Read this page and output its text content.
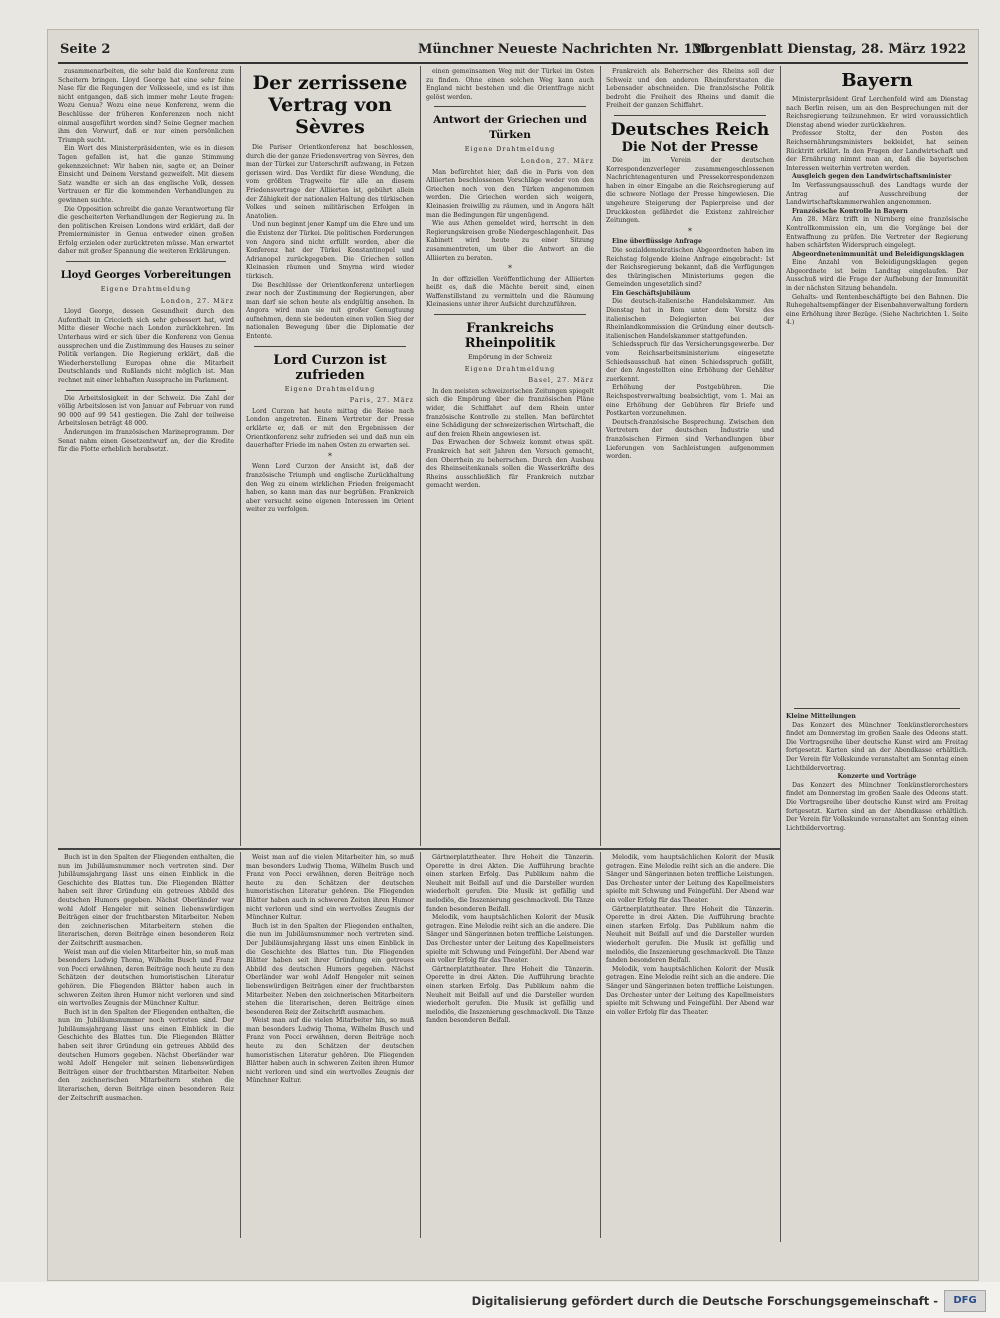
Seite 2	Münchner Neueste Nachrichten Nr. 131
Morgenblatt Dienstag, 28. März 1922

zusammenarbeiten, die sehr bald die Konferenz zum Scheitern bringen. Lloyd George hat eine sehr feine Nase für die Regungen der Volksseele, und es ist ihm nicht entgangen, daß sich immer mehr Leute fragen: Wozu Genua? Wozu eine neue Konferenz, wenn die Beschlüsse der früheren Konferenzen noch nicht einmal ausgeführt worden sind? Seine Gegner machen ihm den Vorwurf, daß er nur einen persönlichen Triumph sucht.

Ein Wort des Ministerpräsidenten, wie es in diesen Tagen gefallen ist, hat die ganze Stimmung gekennzeichnet: Wir haben nie, sagte er, an Deiner Einsicht und Deinem Verstand gezweifelt. Mit diesem Satz wandte er sich an das englische Volk, dessen Vertrauen er für die kommenden Verhandlungen zu gewinnen suchte.

Die Opposition schreibt die ganze Verantwortung für die gescheiterten Verhandlungen der Regierung zu. In den politischen Kreisen Londons wird erklärt, daß der Premierminister in Genua entweder einen großen Erfolg erzielen oder zurücktreten müsse. Man erwartet daher mit großer Spannung die weiteren Erklärungen.

Lloyd Georges Vorbereitungen
Eigene Drahtmeldung
London, 27. März

Lloyd George, dessen Gesundheit durch den Aufenthalt in Criccieth sich sehr gebessert hat, wird Mitte dieser Woche nach London zurückkehren. Im Unterhaus wird er sich über die Konferenz von Genua aussprechen und die Zustimmung des Hauses zu seiner Politik verlangen. Die Regierung erklärt, daß die Wiederherstellung Europas ohne die Mitarbeit Deutschlands und Rußlands nicht möglich ist. Man rechnet mit einer lebhaften Aussprache im Parlament.

Die Arbeitslosigkeit in der Schweiz. Die Zahl der völlig Arbeitslosen ist von Januar auf Februar von rund 90 000 auf 99 541 gestiegen. Die Zahl der teilweise Arbeitslosen beträgt 48 000.

Änderungen im französischen Marineprogramm. Der Senat nahm einen Gesetzentwurf an, der die Kredite für die Flotte erheblich herabsetzt.

Der zerrissene Vertrag von Sèvres

Die Pariser Orientkonferenz hat beschlossen, durch die der ganze Friedensvertrag von Sèvres, den man der Türkei zur Unterschrift aufzwang, in Fetzen gerissen wird. Das Verdikt für diese Wendung, die vom größten Tragweite für alle an diesem Friedensvertrage der Alliierten ist, gebührt allein der Zähigkeit der nationalen Haltung des türkischen Volkes und seinen militärischen Erfolgen in Anatolien.

Und nun beginnt jener Kampf um die Ehre und um die Existenz der Türkei. Die politischen Forderungen von Angora sind nicht erfüllt worden, aber die Konferenz hat der Türkei Konstantinopel und Adrianopel zurückgegeben. Die Griechen sollen Kleinasien räumen und Smyrna wird wieder türkisch.

Die Beschlüsse der Orientkonferenz unterliegen zwar noch der Zustimmung der Regierungen, aber man darf sie schon heute als endgültig ansehen. In Angora wird man sie mit großer Genugtuung aufnehmen, denn sie bedeuten einen vollen Sieg der nationalen Bewegung über die Diplomatie der Entente.

Lord Curzon ist zufrieden
Eigene Drahtmeldung
Paris, 27. März

Lord Curzon hat heute mittag die Reise nach London angetreten. Einem Vertreter der Presse erklärte er, daß er mit den Ergebnissen der Orientkonferenz sehr zufrieden sei und daß nun ein dauerhafter Friede im nahen Osten zu erwarten sei.

*

Wenn Lord Curzon der Ansicht ist, daß der französische Triumph und englische Zurückhaltung den Weg zu einem wirklichen Frieden freigemacht haben, so kann man das nur begrüßen. Frankreich aber versucht seine eigenen Interessen im Orient weiter zu verfolgen.

einen gemeinsamen Weg mit der Türkei im Osten zu finden. Ohne einen solchen Weg kann auch England nicht bestehen und die Orientfrage nicht gelöst werden.

Antwort der Griechen und Türken
Eigene Drahtmeldung
London, 27. März

Man befürchtet hier, daß die in Paris von den Alliierten beschlossenen Vorschläge weder von den Griechen noch von den Türken angenommen werden. Die Griechen werden sich weigern, Kleinasien freiwillig zu räumen, und in Angora hält man die Bedingungen für ungenügend.

Wie aus Athen gemeldet wird, herrscht in den Regierungskreisen große Niedergeschlagenheit. Das Kabinett wird heute zu einer Sitzung zusammentreten, um über die Antwort an die Alliierten zu beraten.

*

In der offiziellen Veröffentlichung der Alliierten heißt es, daß die Mächte bereit sind, einen Waffenstillstand zu vermitteln und die Räumung Kleinasiens unter ihrer Aufsicht durchzuführen.

Frankreichs Rheinpolitik
Empörung in der Schweiz
Eigene Drahtmeldung
Basel, 27. März

In den meisten schweizerischen Zeitungen spiegelt sich die Empörung über die französischen Pläne wider, die Schiffahrt auf dem Rhein unter französische Kontrolle zu stellen. Man befürchtet eine Schädigung der schweizerischen Wirtschaft, die auf den freien Rhein angewiesen ist.

Das Erwachen der Schweiz kommt etwas spät. Frankreich hat seit Jahren den Versuch gemacht, den Oberrhein zu beherrschen. Durch den Ausbau des Rheinseitenkanals sollen die Wasserkräfte des Rheins ausschließlich für Frankreich nutzbar gemacht werden.

Frankreich als Beherrscher des Rheins soll der Schweiz und den anderen Rheinuferstaaten die Lebensader abschneiden. Die französische Politik bedroht die Freiheit des Rheins und damit die Freiheit der ganzen Schiffahrt.

Deutsches Reich
Die Not der Presse

Die im Verein der deutschen Korrespondenzverleger zusammengeschlossenen Nachrichtenagenturen und Pressekorrespondenzen haben in einer Eingabe an die Reichsregierung auf die schwere Notlage der Presse hingewiesen. Die ungeheure Steigerung der Papierpreise und der Druckkosten gefährdet die Existenz zahlreicher Zeitungen.

*

Eine überflüssige Anfrage

Die sozialdemokratischen Abgeordneten haben im Reichstag folgende kleine Anfrage eingebracht: Ist der Reichsregierung bekannt, daß die Verfügungen des thüringischen Ministeriums gegen die Gemeinden ungesetzlich sind?

Ein Geschäftsjubiläum

Die deutsch-italienische Handelskammer. Am Dienstag hat in Rom unter dem Vorsitz des italienischen Delegierten bei der Rheinlandkommission die Gründung einer deutsch-italienischen Handelskammer stattgefunden.

Schiedsspruch für das Versicherungsgewerbe. Der vom Reichsarbeitsministerium eingesetzte Schiedsausschuß hat einen Schiedsspruch gefällt, der den Angestellten eine Erhöhung der Gehälter zuerkennt.

Erhöhung der Postgebühren. Die Reichspostverwaltung beabsichtigt, vom 1. Mai an eine Erhöhung der Gebühren für Briefe und Postkarten vorzunehmen.

Deutsch-französische Besprechung. Zwischen den Vertretern der deutschen Industrie und französischen Firmen sind Verhandlungen über Lieferungen von Sachleistungen aufgenommen worden.

Bayern

Ministerpräsident Graf Lerchenfeld wird am Dienstag nach Berlin reisen, um an den Besprechungen mit der Reichsregierung teilzunehmen. Er wird voraussichtlich Dienstag abend wieder zurückkehren.

Professor Stoltz, der den Posten des Reichsernährungsministers bekleidet, hat seinen Rücktritt erklärt. In den Fragen der Landwirtschaft und der Ernährung nimmt man an, daß die bayerischen Interessen weiterhin vertreten werden.

Ausgleich gegen den Landwirtschaftsminister

Im Verfassungsausschuß des Landtags wurde der Antrag auf Ausschreibung der Landwirtschaftskammerwahlen angenommen.

Französische Kontrolle in Bayern

Am 28. März trifft in Nürnberg eine französische Kontrollkommission ein, um die Vorgänge bei der Entwaffnung zu prüfen. Die Vertreter der Regierung haben schärfsten Widerspruch eingelegt.

Abgeordnetenimmunität und Beleidigungsklagen

Eine Anzahl von Beleidigungsklagen gegen Abgeordnete ist beim Landtag eingelaufen. Der Ausschuß wird die Frage der Aufhebung der Immunität in der nächsten Sitzung behandeln.

Gehalts- und Rentenbeschäftigte bei den Bahnen. Die Ruhegehaltsempfänger der Eisenbahnverwaltung fordern eine Erhöhung ihrer Bezüge. (Siehe Nachrichten 1. Seite 4.)

Kleine Mitteilungen

Das Konzert des Münchner Tonkünstlerorchesters findet am Donnerstag im großen Saale des Odeons statt. Die Vortragsreihe über deutsche Kunst wird am Freitag fortgesetzt. Karten sind an der Abendkasse erhältlich. Der Verein für Volkskunde veranstaltet am Sonntag einen Lichtbildervortrag.

Konzerte und Vorträge

Das Konzert des Münchner Tonkünstlerorchesters findet am Donnerstag im großen Saale des Odeons statt. Die Vortragsreihe über deutsche Kunst wird am Freitag fortgesetzt. Karten sind an der Abendkasse erhältlich. Der Verein für Volkskunde veranstaltet am Sonntag einen Lichtbildervortrag.

Buch ist in den Spalten der Fliegenden enthalten, die nun im Jubiläumsnummer noch vertreten sind. Der Jubiläumsjahrgang lässt uns einen Einblick in die Geschichte des Blattes tun. Die Fliegenden Blätter haben seit ihrer Gründung ein getreues Abbild des deutschen Humors gegeben. Nächst Oberländer war wohl Adolf Hengeler mit seinen liebenswürdigen Beiträgen einer der fruchtbarsten Mitarbeiter. Neben den zeichnerischen Mitarbeitern stehen die literarischen, deren Beiträge einen besonderen Reiz der Zeitschrift ausmachen.

Weist man auf die vielen Mitarbeiter hin, so muß man besonders Ludwig Thoma, Wilhelm Busch und Franz von Pocci erwähnen, deren Beiträge noch heute zu den Schätzen der deutschen humoristischen Literatur gehören. Die Fliegenden Blätter haben auch in schweren Zeiten ihren Humor nicht verloren und sind ein wertvolles Zeugnis der Münchner Kultur.

Buch ist in den Spalten der Fliegenden enthalten, die nun im Jubiläumsnummer noch vertreten sind. Der Jubiläumsjahrgang lässt uns einen Einblick in die Geschichte des Blattes tun. Die Fliegenden Blätter haben seit ihrer Gründung ein getreues Abbild des deutschen Humors gegeben. Nächst Oberländer war wohl Adolf Hengeler mit seinen liebenswürdigen Beiträgen einer der fruchtbarsten Mitarbeiter. Neben den zeichnerischen Mitarbeitern stehen die literarischen, deren Beiträge einen besonderen Reiz der Zeitschrift ausmachen.

Weist man auf die vielen Mitarbeiter hin, so muß man besonders Ludwig Thoma, Wilhelm Busch und Franz von Pocci erwähnen, deren Beiträge noch heute zu den Schätzen der deutschen humoristischen Literatur gehören. Die Fliegenden Blätter haben auch in schweren Zeiten ihren Humor nicht verloren und sind ein wertvolles Zeugnis der Münchner Kultur.

Buch ist in den Spalten der Fliegenden enthalten, die nun im Jubiläumsnummer noch vertreten sind. Der Jubiläumsjahrgang lässt uns einen Einblick in die Geschichte des Blattes tun. Die Fliegenden Blätter haben seit ihrer Gründung ein getreues Abbild des deutschen Humors gegeben. Nächst Oberländer war wohl Adolf Hengeler mit seinen liebenswürdigen Beiträgen einer der fruchtbarsten Mitarbeiter. Neben den zeichnerischen Mitarbeitern stehen die literarischen, deren Beiträge einen besonderen Reiz der Zeitschrift ausmachen.

Weist man auf die vielen Mitarbeiter hin, so muß man besonders Ludwig Thoma, Wilhelm Busch und Franz von Pocci erwähnen, deren Beiträge noch heute zu den Schätzen der deutschen humoristischen Literatur gehören. Die Fliegenden Blätter haben auch in schweren Zeiten ihren Humor nicht verloren und sind ein wertvolles Zeugnis der Münchner Kultur.

Gärtnerplatztheater. Ihre Hoheit die Tänzerin. Operette in drei Akten. Die Aufführung brachte einen starken Erfolg. Das Publikum nahm die Neuheit mit Beifall auf und die Darsteller wurden wiederholt gerufen. Die Musik ist gefällig und melodiös, die Inszenierung geschmackvoll. Die Tänze fanden besonderen Beifall.

Melodik, vom hauptsächlichen Kolorit der Musik getragen. Eine Melodie reiht sich an die andere. Die Sänger und Sängerinnen boten treffliche Leistungen. Das Orchester unter der Leitung des Kapellmeisters spielte mit Schwung und Feingefühl. Der Abend war ein voller Erfolg für das Theater.

Gärtnerplatztheater. Ihre Hoheit die Tänzerin. Operette in drei Akten. Die Aufführung brachte einen starken Erfolg. Das Publikum nahm die Neuheit mit Beifall auf und die Darsteller wurden wiederholt gerufen. Die Musik ist gefällig und melodiös, die Inszenierung geschmackvoll. Die Tänze fanden besonderen Beifall.

Melodik, vom hauptsächlichen Kolorit der Musik getragen. Eine Melodie reiht sich an die andere. Die Sänger und Sängerinnen boten treffliche Leistungen. Das Orchester unter der Leitung des Kapellmeisters spielte mit Schwung und Feingefühl. Der Abend war ein voller Erfolg für das Theater.

Gärtnerplatztheater. Ihre Hoheit die Tänzerin. Operette in drei Akten. Die Aufführung brachte einen starken Erfolg. Das Publikum nahm die Neuheit mit Beifall auf und die Darsteller wurden wiederholt gerufen. Die Musik ist gefällig und melodiös, die Inszenierung geschmackvoll. Die Tänze fanden besonderen Beifall.

Melodik, vom hauptsächlichen Kolorit der Musik getragen. Eine Melodie reiht sich an die andere. Die Sänger und Sängerinnen boten treffliche Leistungen. Das Orchester unter der Leitung des Kapellmeisters spielte mit Schwung und Feingefühl. Der Abend war ein voller Erfolg für das Theater.

Digitalisierung gefördert durch die Deutsche Forschungsgemeinschaft -	DFG
